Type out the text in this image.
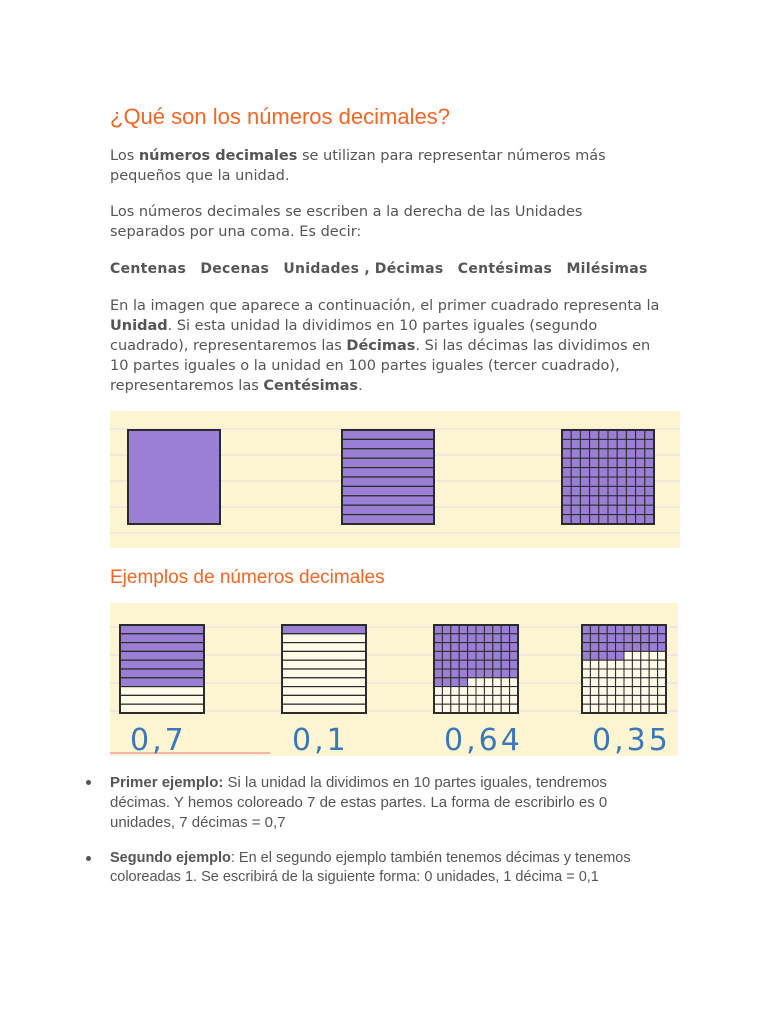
¿Qué son los números decimales?

Los números decimales se utilizan para representar números más pequeños que la unidad.

Los números decimales se escriben a la derecha de las Unidades separados por una coma. Es decir:

Centenas Decenas Unidades , Décimas Centésimas Milésimas

En la imagen que aparece a continuación, el primer cuadrado representa la Unidad. Si esta unidad la dividimos en 10 partes iguales (segundo cuadrado), representaremos las Décimas. Si las décimas las dividimos en 10 partes iguales o la unidad en 100 partes iguales (tercer cuadrado), representaremos las Centésimas.

Ejemplos de números decimales

Primer ejemplo: Si la unidad la dividimos en 10 partes iguales, tendremos décimas. Y hemos coloreado 7 de estas partes. La forma de escribirlo es 0 unidades, 7 décimas = 0,7

Segundo ejemplo: En el segundo ejemplo también tenemos décimas y tenemos coloreadas 1. Se escribirá de la siguiente forma: 0 unidades, 1 décima = 0,1

0,7	0,1	0,64 0,35
